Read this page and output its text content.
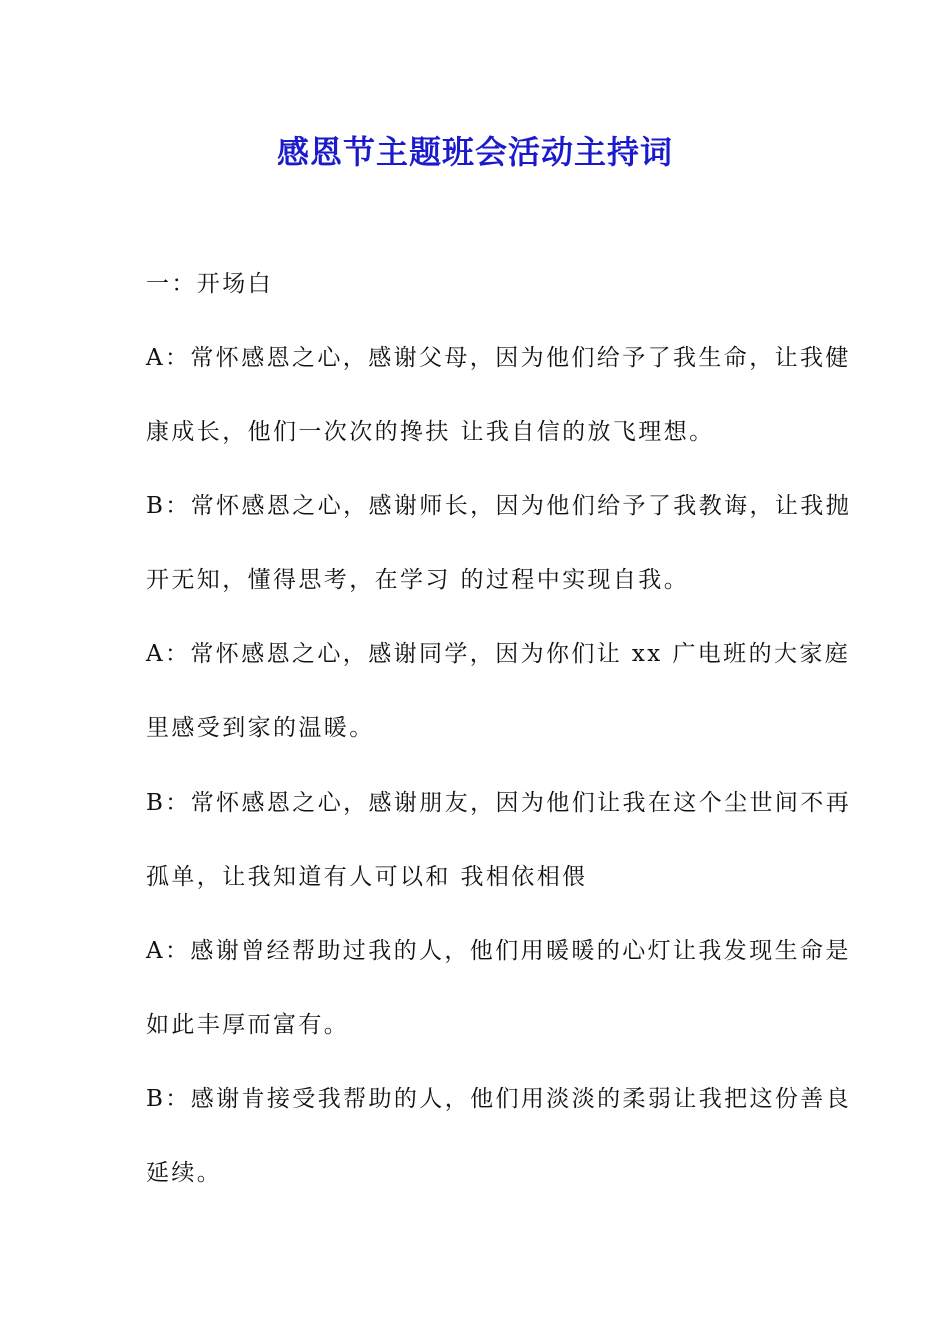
感恩节主题班会活动主持词
一：开场白
A：常怀感恩之心，感谢父母，因为他们给予了我生命，让我健
康成长，他们一次次的搀扶 让我自信的放飞理想。
B：常怀感恩之心，感谢师长，因为他们给予了我教诲，让我抛
开无知，懂得思考，在学习 的过程中实现自我。
A：常怀感恩之心，感谢同学，因为你们让 xx 广电班的大家庭
里感受到家的温暖。
B：常怀感恩之心，感谢朋友，因为他们让我在这个尘世间不再
孤单，让我知道有人可以和 我相依相偎
A：感谢曾经帮助过我的人，他们用暖暖的心灯让我发现生命是
如此丰厚而富有。
B：感谢肯接受我帮助的人，他们用淡淡的柔弱让我把这份善良
延续。
